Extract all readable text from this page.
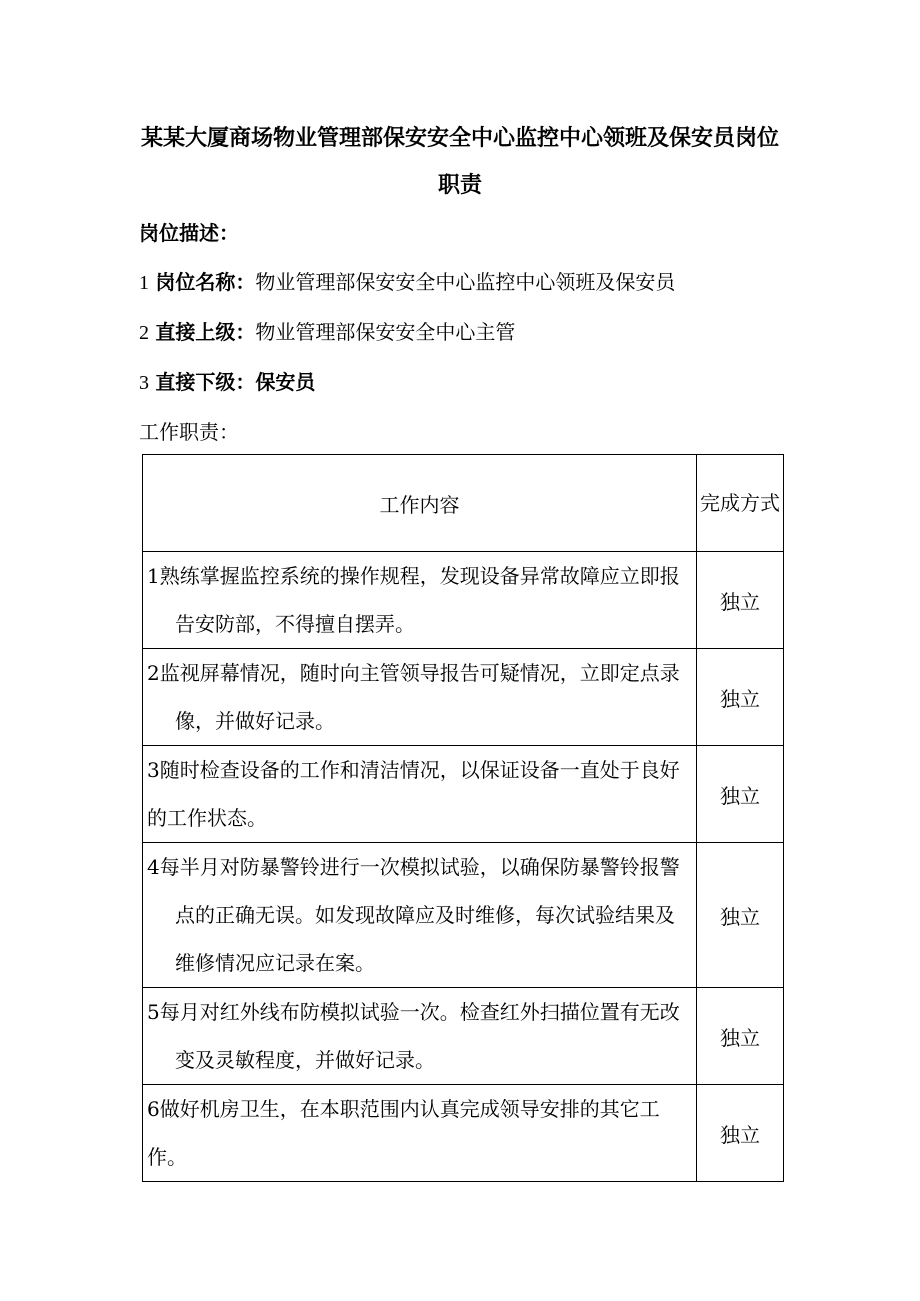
某某大厦商场物业管理部保安安全中心监控中心领班及保安员岗位
职责
岗位描述：
1 岗位名称：物业管理部保安安全中心监控中心领班及保安员
2 直接上级：物业管理部保安安全中心主管
3 直接下级：保安员
工作职责：
工作内容	完成方式

1熟练掌握监控系统的操作规程，发现设备异常故障应立即报告安防部，不得擅自摆弄。	独立

2监视屏幕情况，随时向主管领导报告可疑情况，立即定点录像，并做好记录。	独立

3随时检查设备的工作和清洁情况，以保证设备一直处于良好的工作状态。	独立

4每半月对防暴警铃进行一次模拟试验，以确保防暴警铃报警点的正确无误。如发现故障应及时维修，每次试验结果及维修情况应记录在案。	独立

5每月对红外线布防模拟试验一次。检查红外扫描位置有无改变及灵敏程度，并做好记录。	独立

6做好机房卫生，在本职范围内认真完成领导安排的其它工作。	独立
